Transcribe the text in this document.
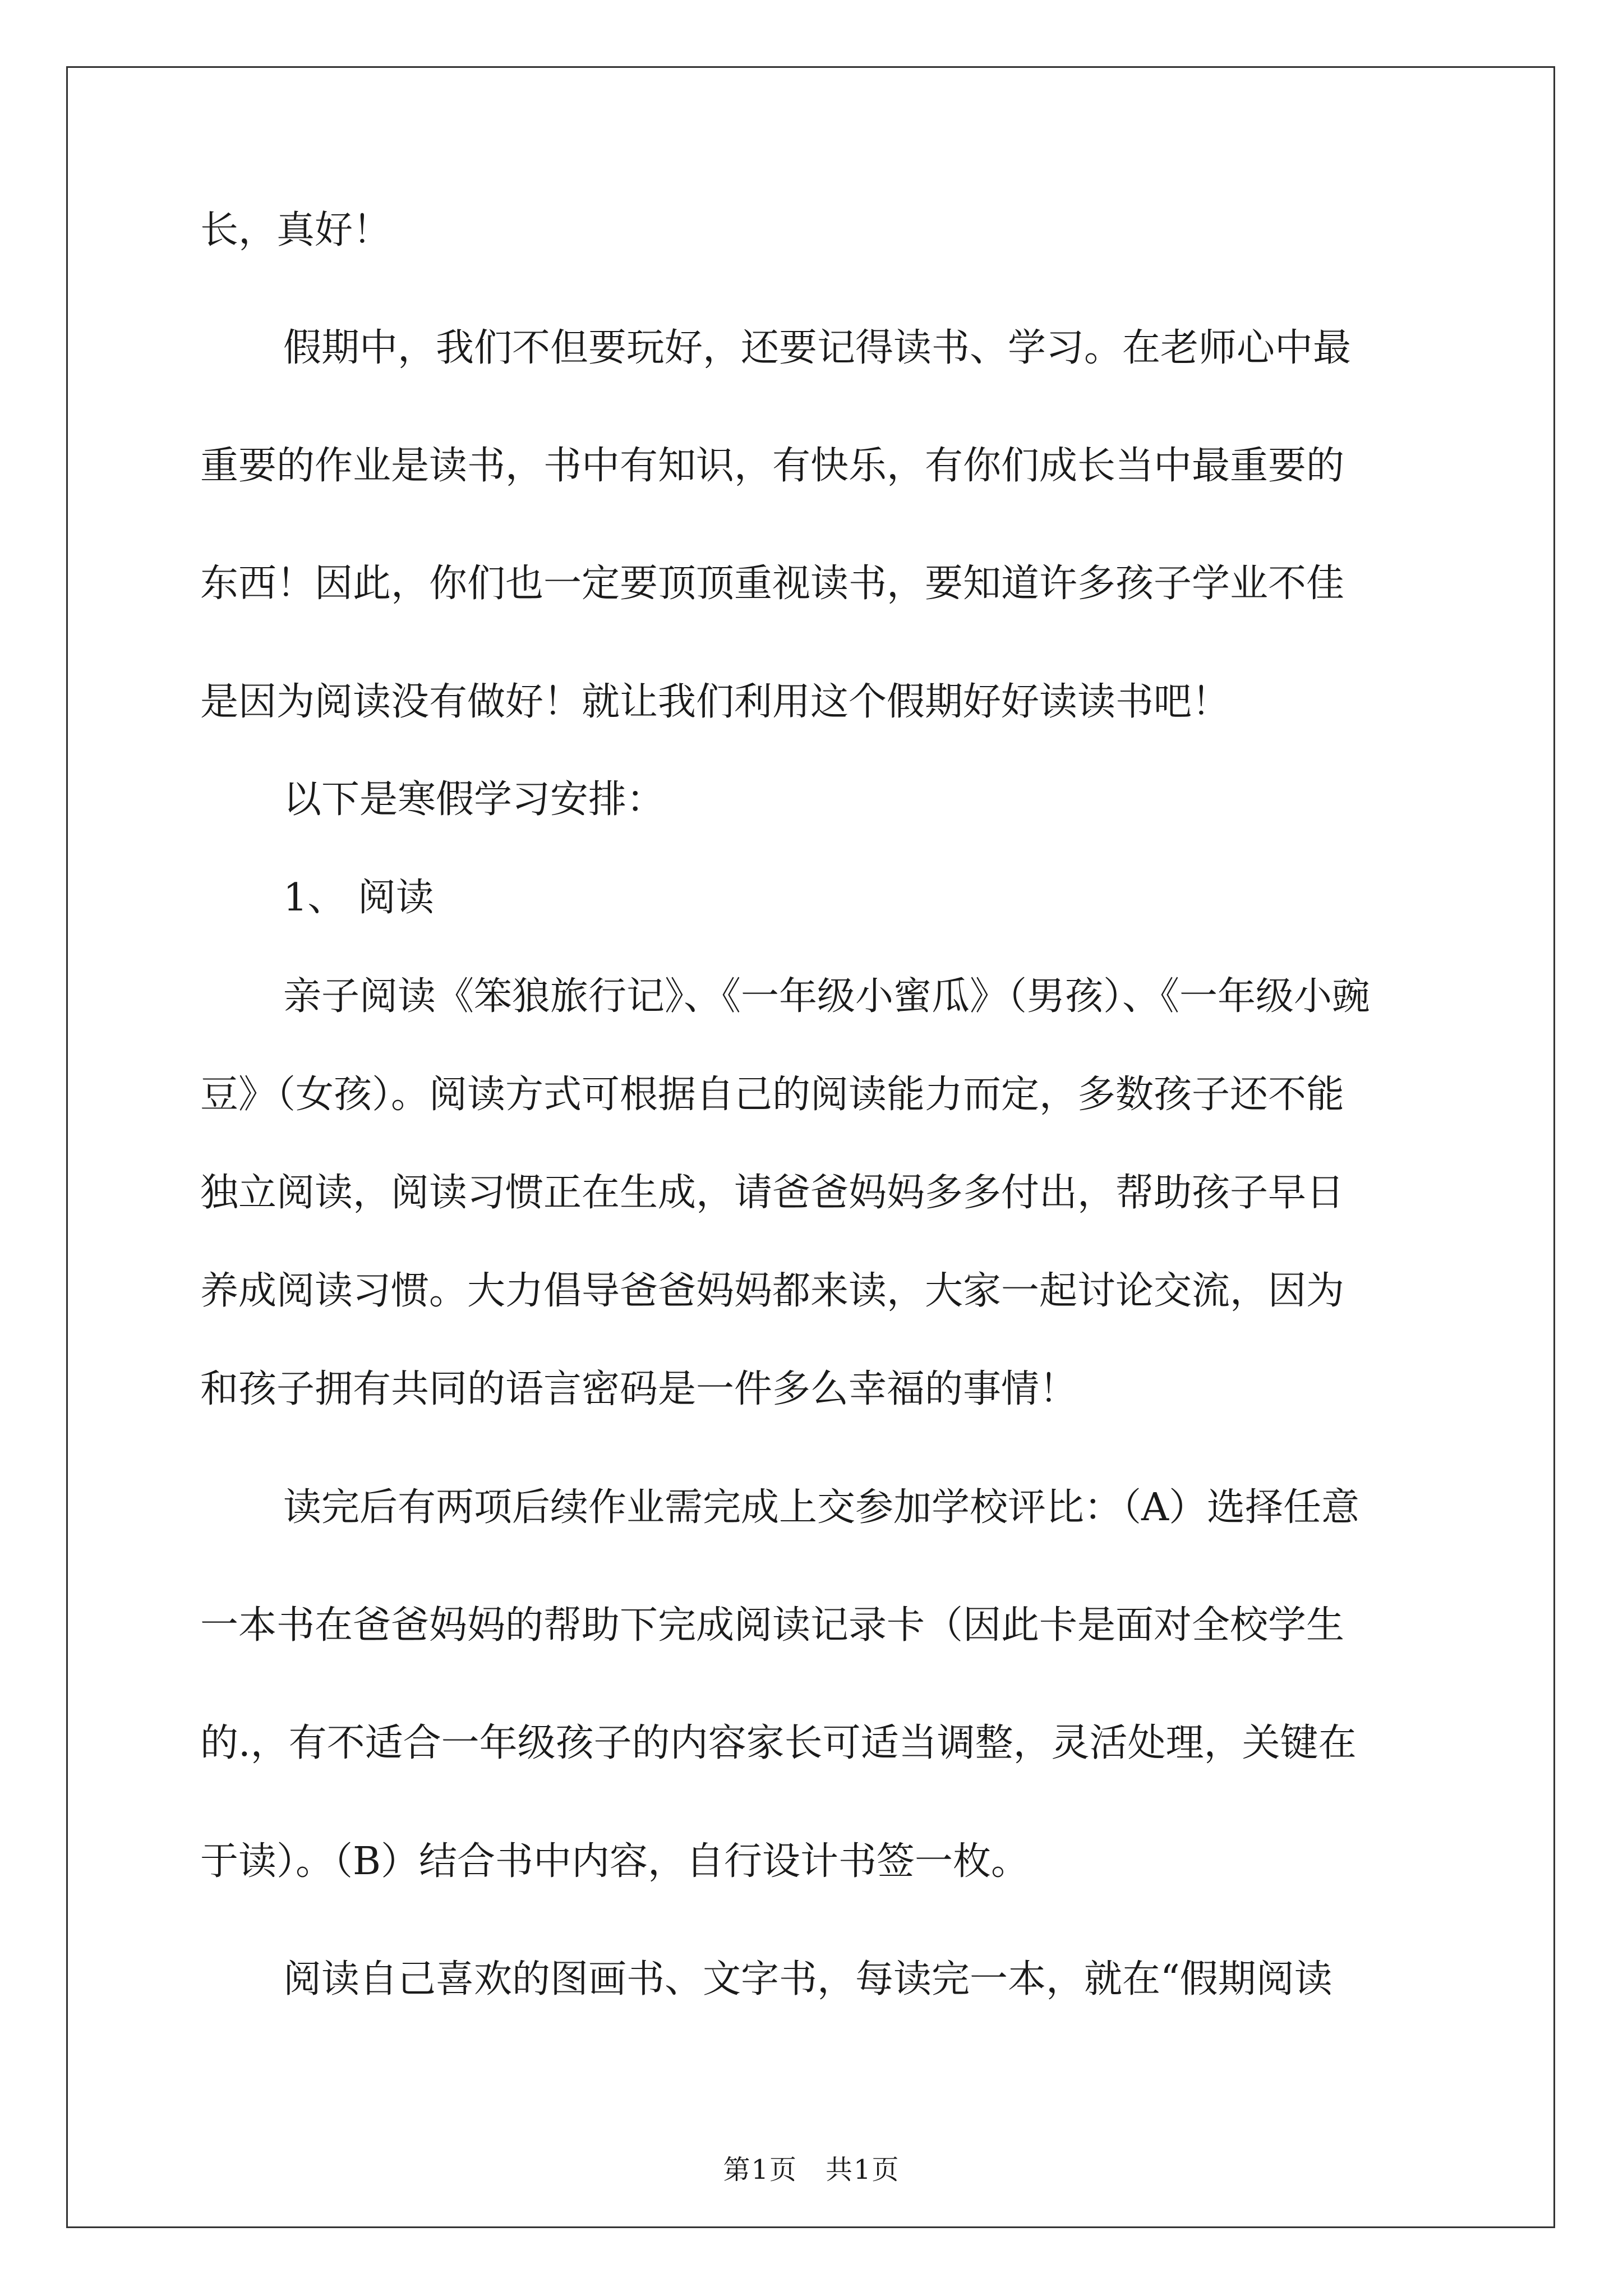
长，真好！
假期中，我们不但要玩好，还要记得读书、学习。在老师心中最
重要的作业是读书，书中有知识，有快乐，有你们成长当中最重要的
东西！因此，你们也一定要顶顶重视读书，要知道许多孩子学业不佳
是因为阅读没有做好！就让我们利用这个假期好好读读书吧！
以下是寒假学习安排：
1、 阅读
亲子阅读《笨狼旅行记》、《一年级小蜜瓜》（男孩）、《一年级小豌
豆》（女孩）。阅读方式可根据自己的阅读能力而定，多数孩子还不能
独立阅读，阅读习惯正在生成，请爸爸妈妈多多付出，帮助孩子早日
养成阅读习惯。大力倡导爸爸妈妈都来读，大家一起讨论交流，因为
和孩子拥有共同的语言密码是一件多么幸福的事情！
读完后有两项后续作业需完成上交参加学校评比：（A）选择任意
一本书在爸爸妈妈的帮助下完成阅读记录卡（因此卡是面对全校学生
的.，有不适合一年级孩子的内容家长可适当调整，灵活处理，关键在
于读）。（B）结合书中内容，自行设计书签一枚。
阅读自己喜欢的图画书、文字书，每读完一本，就在“假期阅读
第1页　共1页
